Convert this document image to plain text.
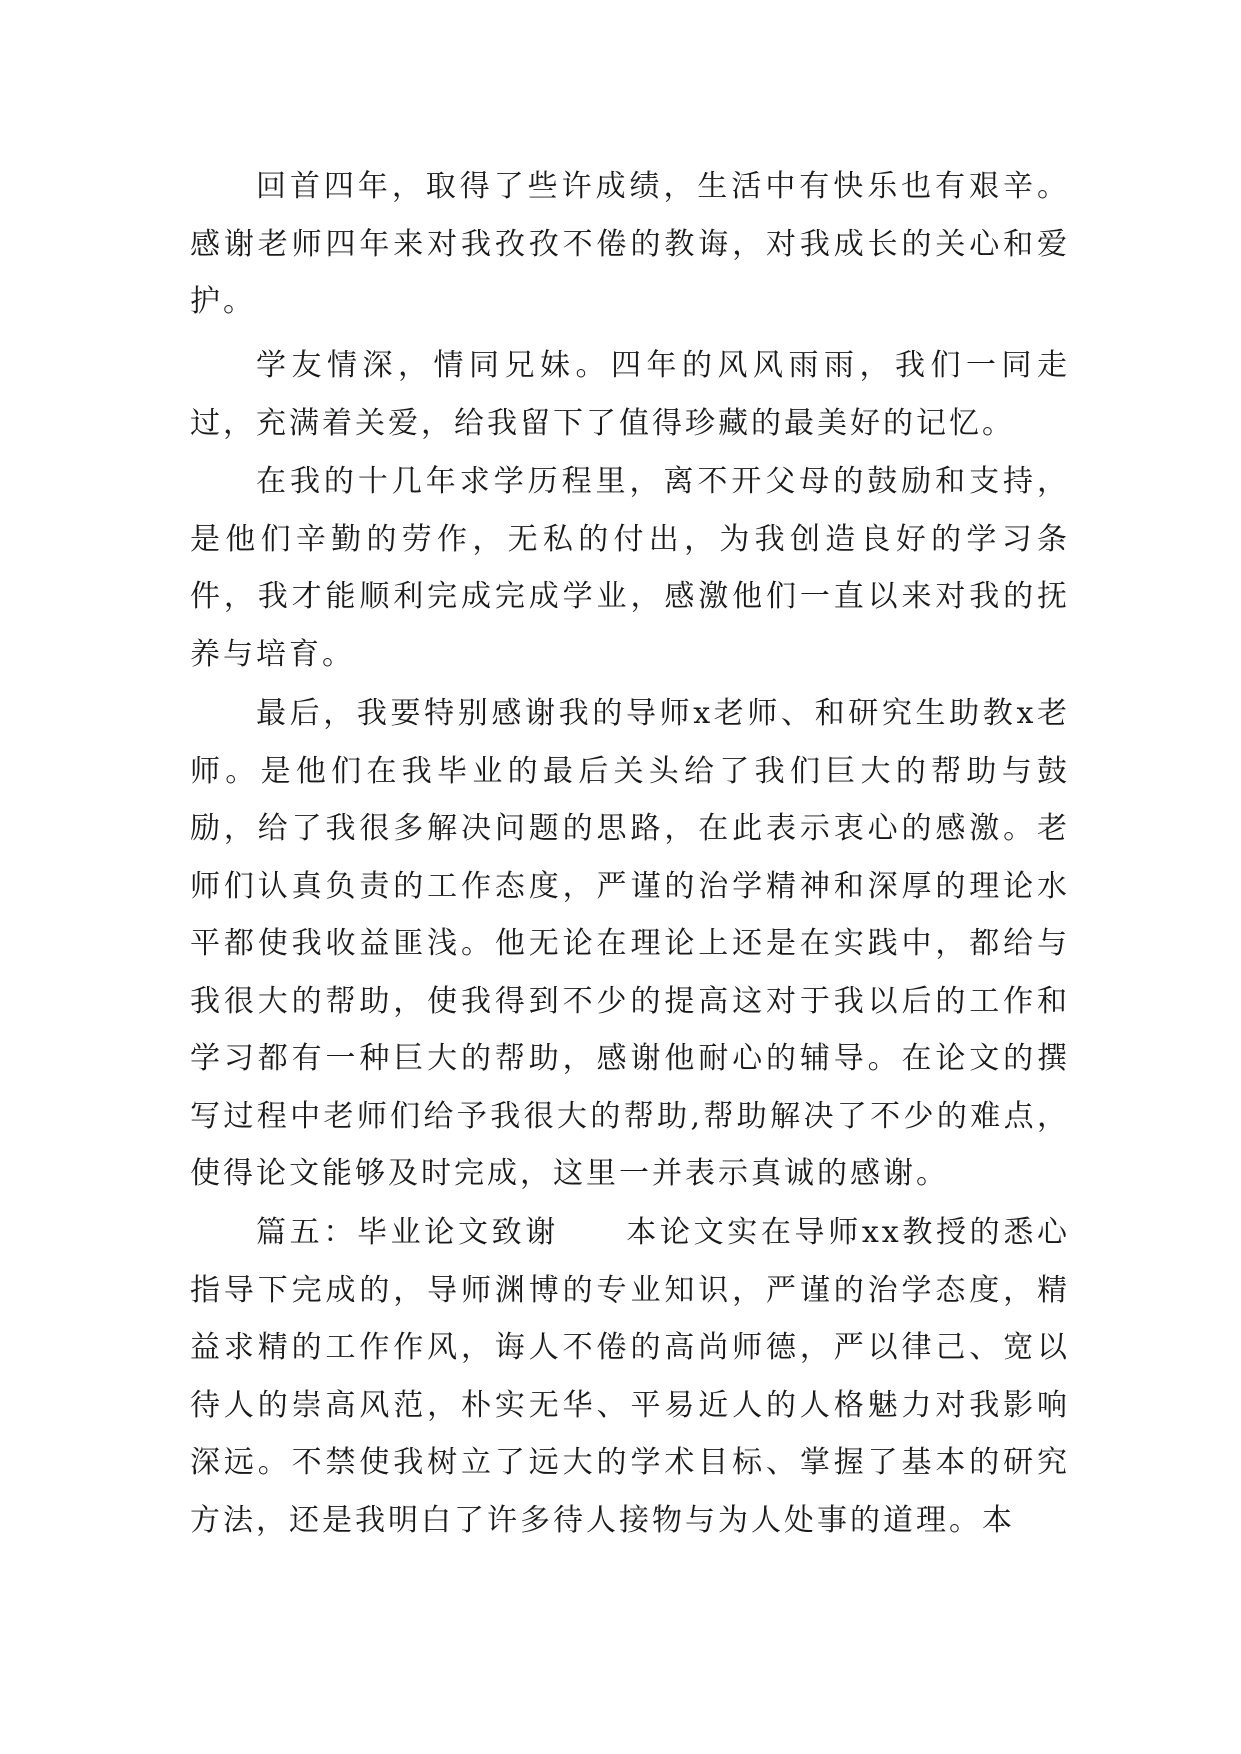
回首四年，取得了些许成绩，生活中有快乐也有艰辛。感谢老师四年来对我孜孜不倦的教诲，对我成长的关心和爱护。

学友情深，情同兄妹。四年的风风雨雨，我们一同走过，充满着关爱，给我留下了值得珍藏的最美好的记忆。

在我的十几年求学历程里，离不开父母的鼓励和支持，是他们辛勤的劳作，无私的付出，为我创造良好的学习条件，我才能顺利完成完成学业，感激他们一直以来对我的抚养与培育。

最后，我要特别感谢我的导师x老师、和研究生助教x老师。是他们在我毕业的最后关头给了我们巨大的帮助与鼓励，给了我很多解决问题的思路，在此表示衷心的感激。老师们认真负责的工作态度，严谨的治学精神和深厚的理论水平都使我收益匪浅。他无论在理论上还是在实践中，都给与我很大的帮助，使我得到不少的提高这对于我以后的工作和学习都有一种巨大的帮助，感谢他耐心的辅导。在论文的撰写过程中老师们给予我很大的帮助,帮助解决了不少的难点，使得论文能够及时完成，这里一并表示真诚的感谢。

篇五：毕业论文致谢　　本论文实在导师xx教授的悉心指导下完成的，导师渊博的专业知识，严谨的治学态度，精益求精的工作作风，诲人不倦的高尚师德，严以律己、宽以待人的崇高风范，朴实无华、平易近人的人格魅力对我影响深远。不禁使我树立了远大的学术目标、掌握了基本的研究方法，还是我明白了许多待人接物与为人处事的道理。本
